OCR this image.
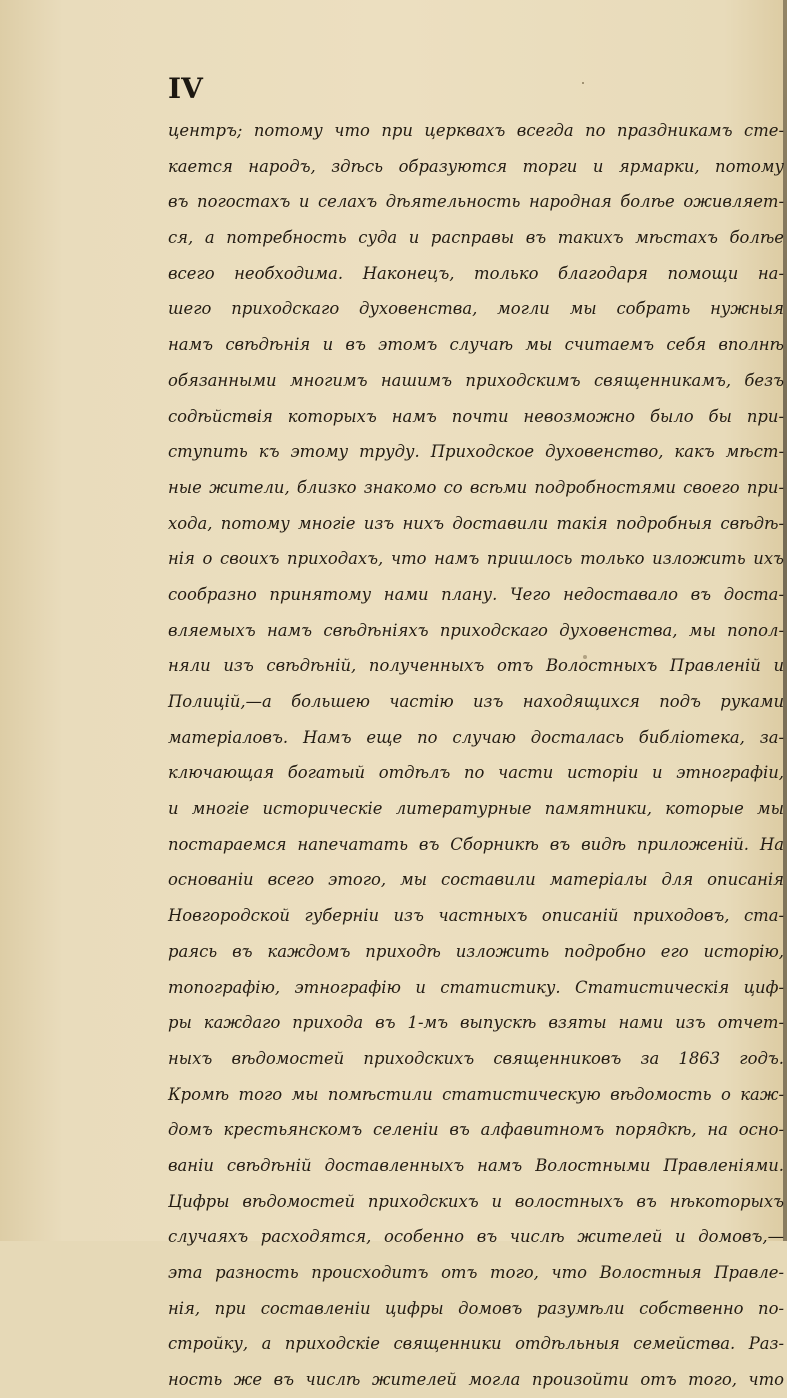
IV
центръ; потому что при церквахъ всегда по праздникамъ сте-
кается народъ, здѣсь образуются торги и ярмарки, потому
въ погостахъ и селахъ дѣятельность народная болѣе оживляет-
ся, а потребность суда и расправы въ такихъ мѣстахъ болѣе
всего необходима. Наконецъ, только благодаря помощи на-
шего приходскаго духовенства, могли мы собрать нужныя
намъ свѣдѣнія и въ этомъ случаѣ мы считаемъ себя вполнѣ
обязанными многимъ нашимъ приходскимъ священникамъ, безъ
содѣйствія которыхъ намъ почти невозможно было бы при-
ступить къ этому труду. Приходское духовенство, какъ мѣст-
ные жители, близко знакомо со всѣми подробностями своего при-
хода, потому многіе изъ нихъ доставили такія подробныя свѣдѣ-
нія о своихъ приходахъ, что намъ пришлось только изложить ихъ
сообразно принятому нами плану. Чего недоставало въ доста-
вляемыхъ намъ свѣдѣніяхъ приходскаго духовенства, мы попол-
няли изъ свѣдѣній, полученныхъ отъ Волостныхъ Правленій и
Полицій,—а большею частію изъ находящихся подъ руками
матеріаловъ. Намъ еще по случаю досталась библіотека, за-
ключающая богатый отдѣлъ по части исторіи и этнографіи,
и многіе историческіе литературные памятники, которые мы
постараемся напечатать въ Сборникѣ въ видѣ приложеній. На
основаніи всего этого, мы составили матеріалы для описанія
Новгородской губерніи изъ частныхъ описаній приходовъ, ста-
раясь въ каждомъ приходѣ изложить подробно его исторію,
топографію, этнографію и статистику. Статистическія циф-
ры каждаго прихода въ 1-мъ выпускѣ взяты нами изъ отчет-
ныхъ вѣдомостей приходскихъ священниковъ за 1863 годъ.
Кромѣ того мы помѣстили статистическую вѣдомость о каж-
домъ крестьянскомъ селеніи въ алфавитномъ порядкѣ, на осно-
ваніи свѣдѣній доставленныхъ намъ Волостными Правленіями.
Цифры вѣдомостей приходскихъ и волостныхъ въ нѣкоторыхъ
случаяхъ расходятся, особенно въ числѣ жителей и домовъ,—
эта разность происходитъ отъ того, что Волостныя Правле-
нія, при составленіи цифры домовъ разумѣли собственно по-
стройку, а приходскіе священники отдѣльныя семейства. Раз-
ность же въ числѣ жителей могла произойти отъ того, что
